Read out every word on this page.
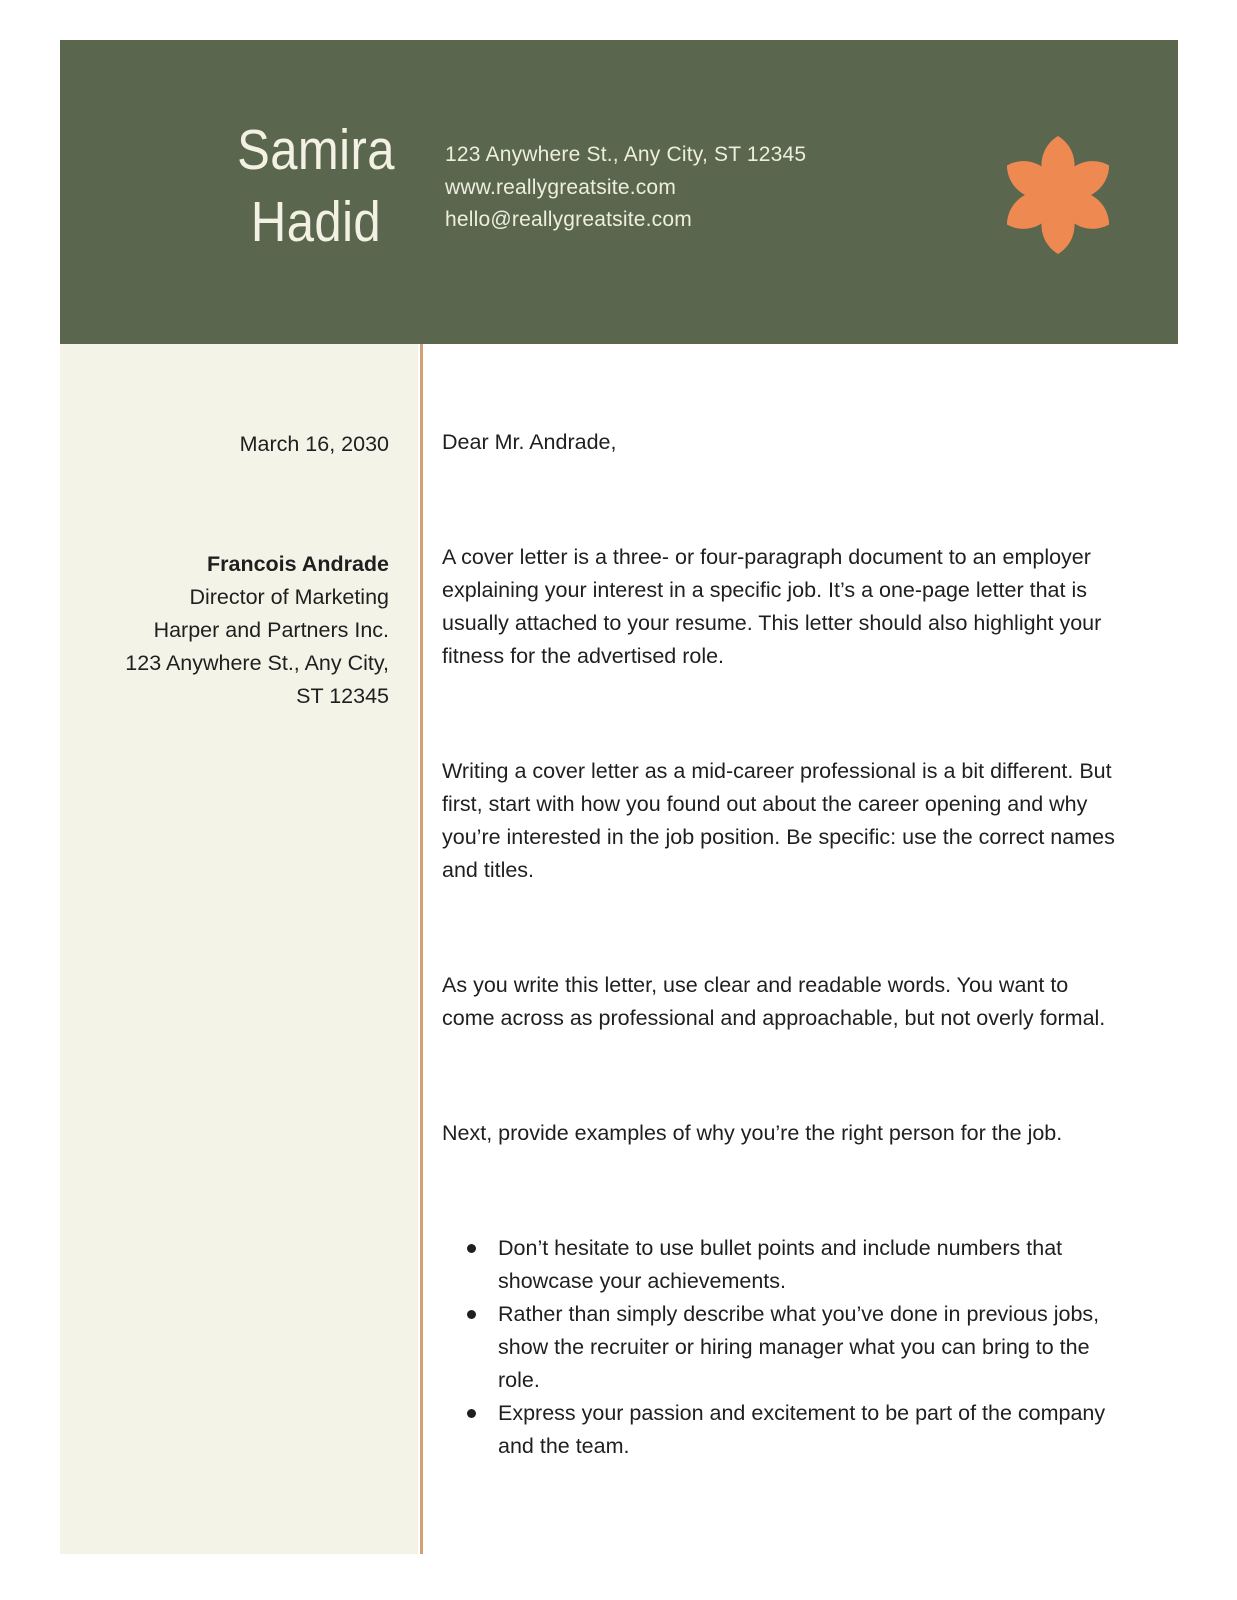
Samira
Hadid
123 Anywhere St., Any City, ST 12345
www.reallygreatsite.com
hello@reallygreatsite.com
March 16, 2030
Francois Andrade
Director of Marketing
Harper and Partners Inc.
123 Anywhere St., Any City,
ST 12345

Dear Mr. Andrade,

A cover letter is a three- or four-paragraph document to an employer explaining your interest in a specific job. It’s a one-page letter that is usually attached to your resume. This letter should also highlight your fitness for the advertised role.

Writing a cover letter as a mid-career professional is a bit different. But first, start with how you found out about the career opening and why you’re interested in the job position. Be specific: use the correct names and titles.

As you write this letter, use clear and readable words. You want to come across as professional and approachable, but not overly formal.

Next, provide examples of why you’re the right person for the job.

Don’t hesitate to use bullet points and include numbers that showcase your achievements.
Rather than simply describe what you’ve done in previous jobs, show the recruiter or hiring manager what you can bring to the role.
Express your passion and excitement to be part of the company and the team.
